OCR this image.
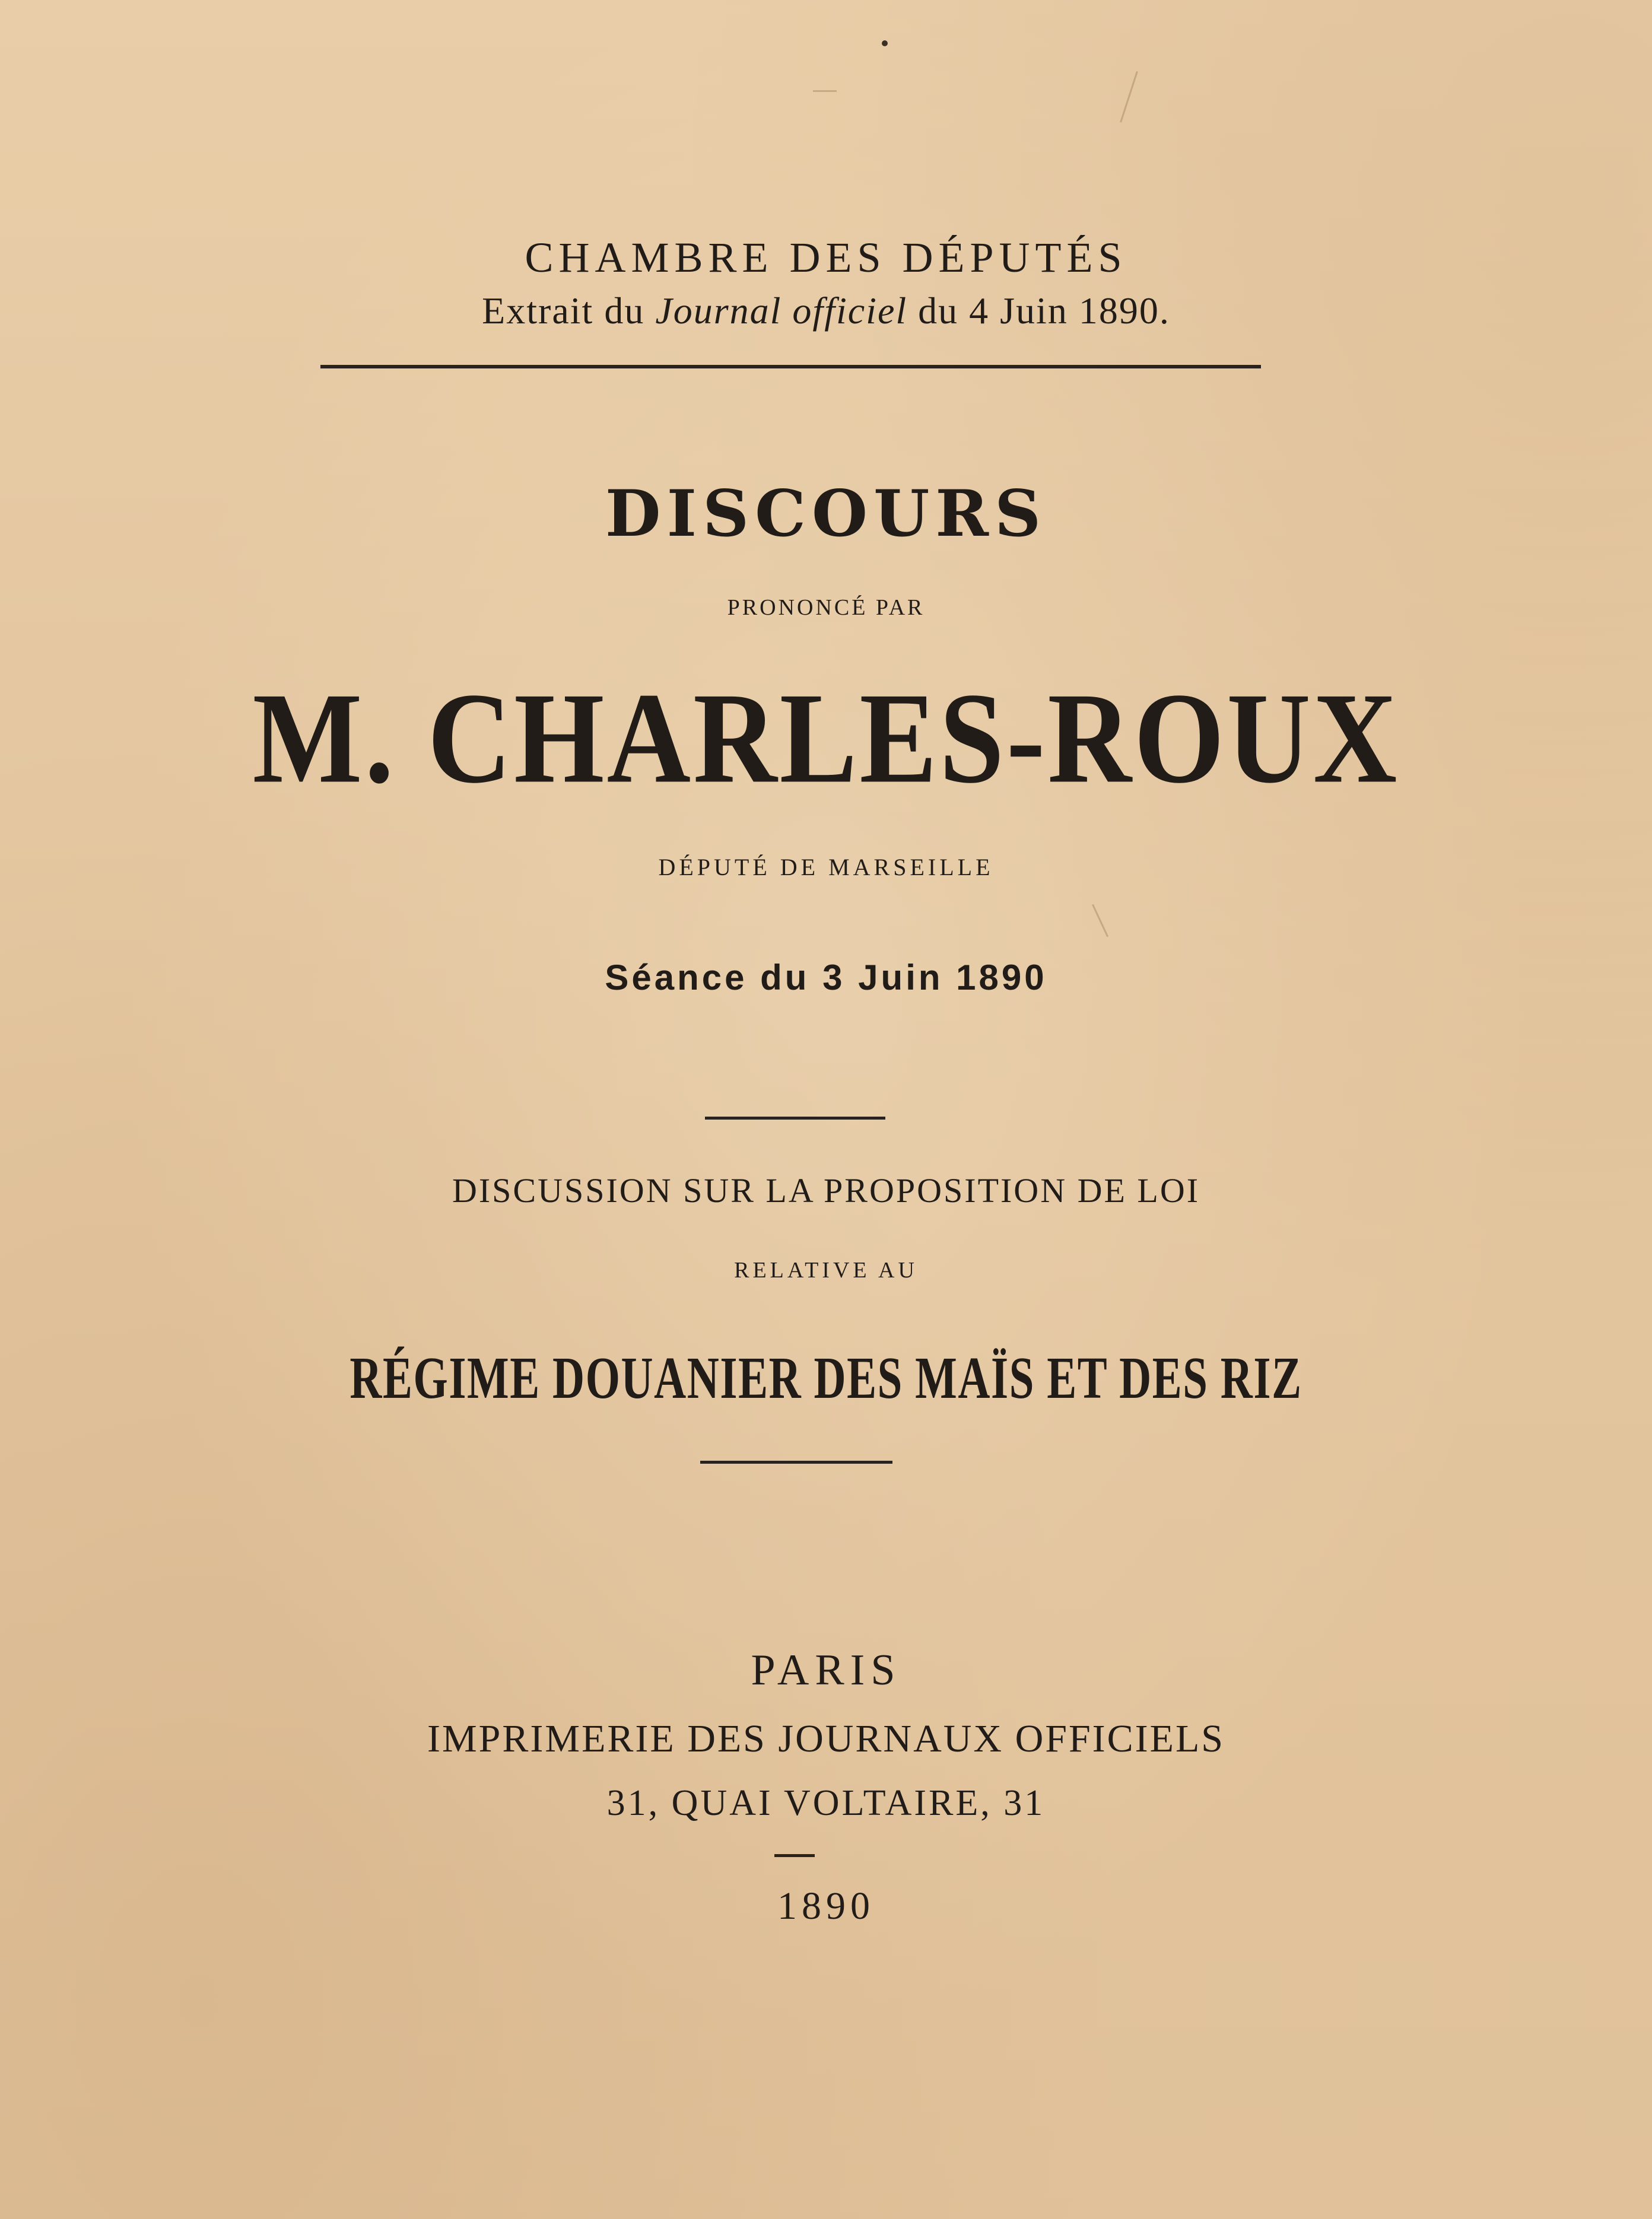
CHAMBRE DES DÉPUTÉS
Extrait du Journal officiel du 4 Juin 1890.
DISCOURS
PRONONCÉ PAR
M. CHARLES-ROUX
DÉPUTÉ DE MARSEILLE
Séance du 3 Juin 1890
DISCUSSION SUR LA PROPOSITION DE LOI
RELATIVE AU
RÉGIME DOUANIER DES MAÏS ET DES RIZ
PARIS
IMPRIMERIE DES JOURNAUX OFFICIELS
31, QUAI VOLTAIRE, 31
1890
